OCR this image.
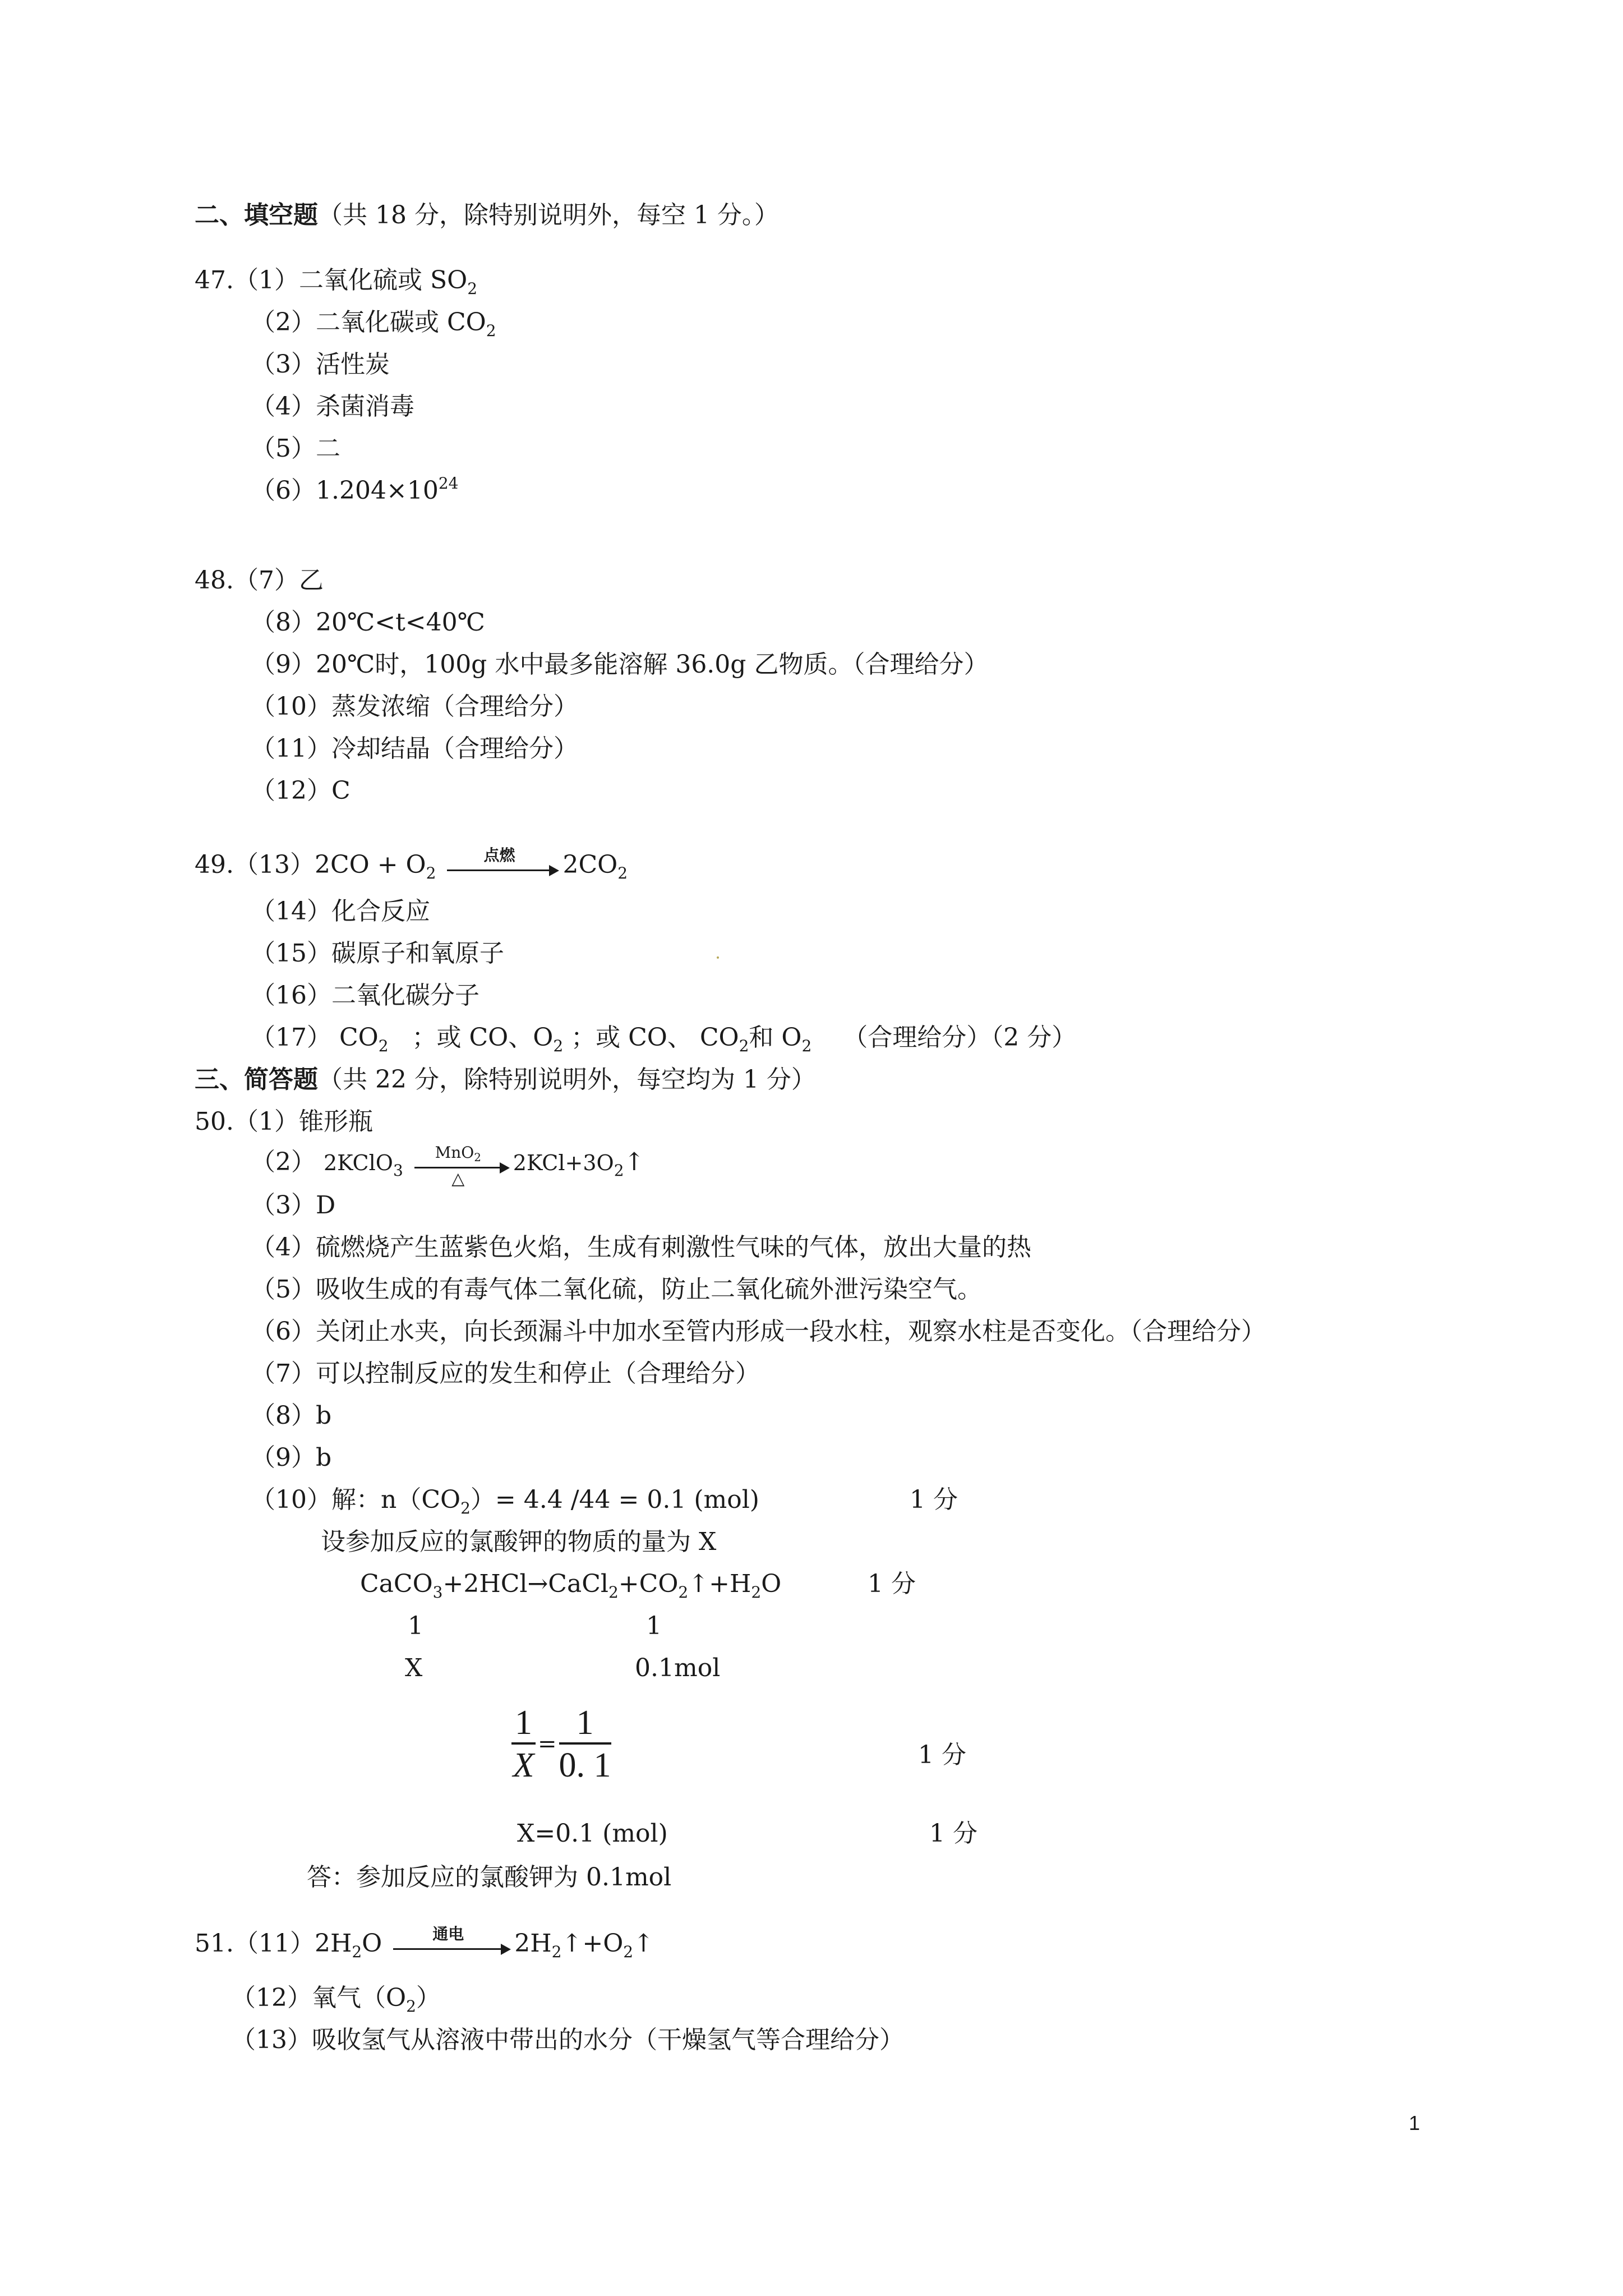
二、填空题（共 18 分，除特别说明外，每空 1 分。）
47.（1）二氧化硫或 $SO_2$
（2）二氧化碳或 $CO_2$
（3）活性炭
（4）杀菌消毒
（5）二
$(6)1.204\times 10^{24}$
48.（7）乙
（8）20℃<t<40℃
（9）20℃时，100g 水中最多能溶解 36.0g 乙物质。（合理给分）
（10）蒸发浓缩（合理给分）
（11）冷却结晶（合理给分）
（12）C
$49.(13)2CO + O_2$
点燃	$2CO_2$
（14）化合反应
（15）碳原子和氧原子
（16）二氧化碳分子
（17） $CO_2$ ；或 CO、$O_2$ ；或 CO、 $CO_2$和 $O_2$ （合理给分）（2 分）
三、简答题（共 22 分，除特别说明外，每空均为 1 分）
50.（1）锥形瓶
（2） 2KClO$_3$
MnO$_2$
△
$2KCl+3O_2↑$
（3）D
（4）硫燃烧产生蓝紫色火焰，生成有刺激性气味的气体，放出大量的热
（5）吸收生成的有毒气体二氧化硫，防止二氧化硫外泄污染空气。
（6）关闭止水夹，向长颈漏斗中加水至管内形成一段水柱，观察水柱是否变化。（合理给分）
（7）可以控制反应的发生和停止（合理给分）
（8）b
（9）b
（10）解：$n(CO_2)= 4.4$ /44 = 0.1 (mol)	1 分
设参加反应的氯酸钾的物质的量为 X
$CaCO_3+2HCl\to CaCl_2+CO_2↑+H_2O$	1 分
1	1
X	0.1mol
$\frac{1}{X} = \frac{1}{0. 1}$	1 分
X=0.1 (mol)	1 分
答：参加反应的氯酸钾为 0.1mol
$51.(11)2H_2O$	通电	$2H_2↑+O_2↑$
（12）氧气$(O_2)$
（13）吸收氢气从溶液中带出的水分（干燥氢气等合理给分）
1
